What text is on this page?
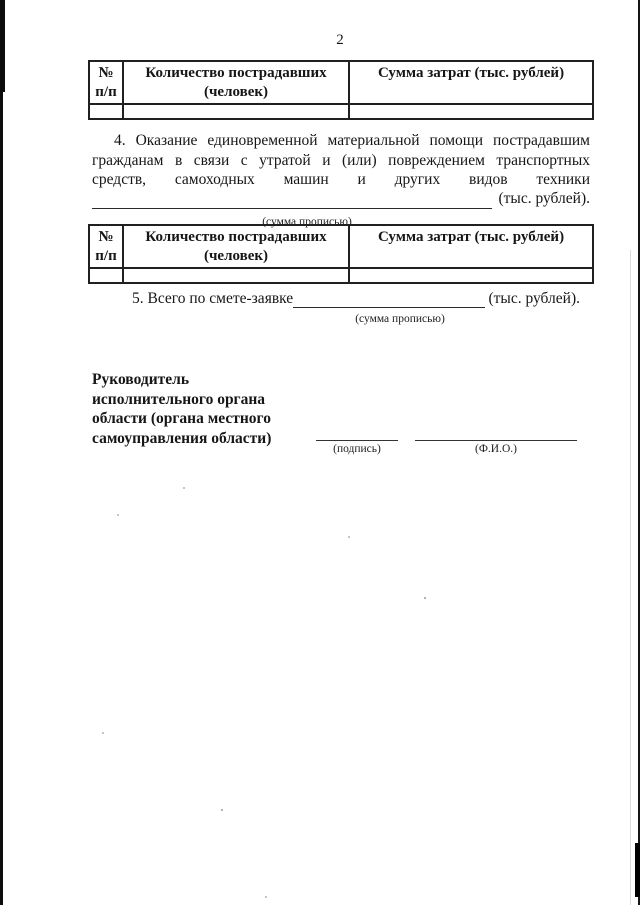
2
№
п/п	Количество пострадавших (человек)	Сумма затрат (тыс. рублей)

4. Оказание единовременной материальной помощи пострадавшим
гражданам в связи с утратой и (или) повреждением транспортных
средств, самоходных машин и других видов техники
(тыс. рублей).
(сумма прописью)
№
п/п	Количество пострадавших (человек)	Сумма затрат (тыс. рублей)

5. Всего по смете-заявке	(тыс. рублей).
(сумма прописью)
Руководитель
исполнительного органа
области (органа местного
самоуправления области)
(подпись)	(Ф.И.О.)
